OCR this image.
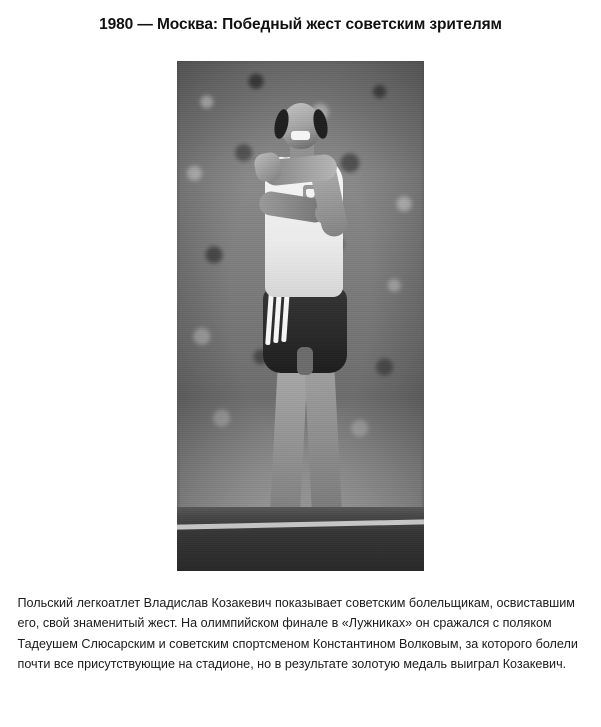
1980 — Москва: Победный жест советским зрителям

Польский легкоатлет Владислав Козакевич показывает советским болельщикам, освиставшим его, свой знаменитый жест. На олимпийском финале в «Лужниках» он сражался с поляком Тадеушем Слюсарским и советским спортсменом Константином Волковым, за которого болели почти все присутствующие на стадионе, но в результате золотую медаль выиграл Козакевич.
